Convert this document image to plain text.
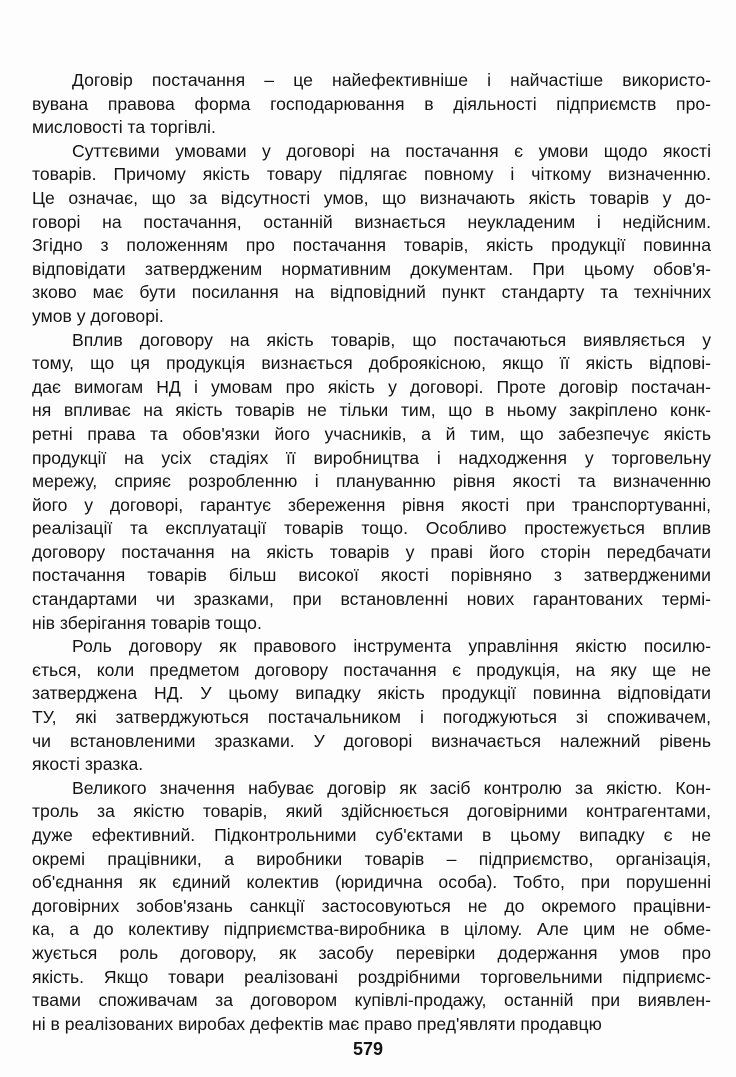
Договір постачання – це найефективніше і найчастіше використо-
вувана правова форма господарювання в діяльності підприємств про-
мисловості та торгівлі.
Суттєвими умовами у договорі на постачання є умови щодо якості
товарів. Причому якість товару підлягає повному і чіткому визначенню.
Це означає, що за відсутності умов, що визначають якість товарів у до-
говорі на постачання, останній визнається неукладеним і недійсним.
Згідно з положенням про постачання товарів, якість продукції повинна
відповідати затвердженим нормативним документам. При цьому обов'я-
зково має бути посилання на відповідний пункт стандарту та технічних
умов у договорі.
Вплив договору на якість товарів, що постачаються виявляється у
тому, що ця продукція визнається доброякісною, якщо її якість відпові-
дає вимогам НД і умовам про якість у договорі. Проте договір постачан-
ня впливає на якість товарів не тільки тим, що в ньому закріплено конк-
ретні права та обов'язки його учасників, а й тим, що забезпечує якість
продукції на усіх стадіях її виробництва і надходження у торговельну
мережу, сприяє розробленню і плануванню рівня якості та визначенню
його у договорі, гарантує збереження рівня якості при транспортуванні,
реалізації та експлуатації товарів тощо. Особливо простежується вплив
договору постачання на якість товарів у праві його сторін передбачати
постачання товарів більш високої якості порівняно з затвердженими
стандартами чи зразками, при встановленні нових гарантованих термі-
нів зберігання товарів тощо.
Роль договору як правового інструмента управління якістю посилю-
ється, коли предметом договору постачання є продукція, на яку ще не
затверджена НД. У цьому випадку якість продукції повинна відповідати
ТУ, які затверджуються постачальником і погоджуються зі споживачем,
чи встановленими зразками. У договорі визначається належний рівень
якості зразка.
Великого значення набуває договір як засіб контролю за якістю. Кон-
троль за якістю товарів, який здійснюється договірними контрагентами,
дуже ефективний. Підконтрольними суб'єктами в цьому випадку є не
окремі працівники, а виробники товарів – підприємство, організація,
об'єднання як єдиний колектив (юридична особа). Тобто, при порушенні
договірних зобов'язань санкції застосовуються не до окремого працівни-
ка, а до колективу підприємства-виробника в цілому. Але цим не обме-
жується роль договору, як засобу перевірки додержання умов про
якість. Якщо товари реалізовані роздрібними торговельними підприємс-
твами споживачам за договором купівлі-продажу, останній при виявлен-
ні в реалізованих виробах дефектів має право пред'являти продавцю
579
